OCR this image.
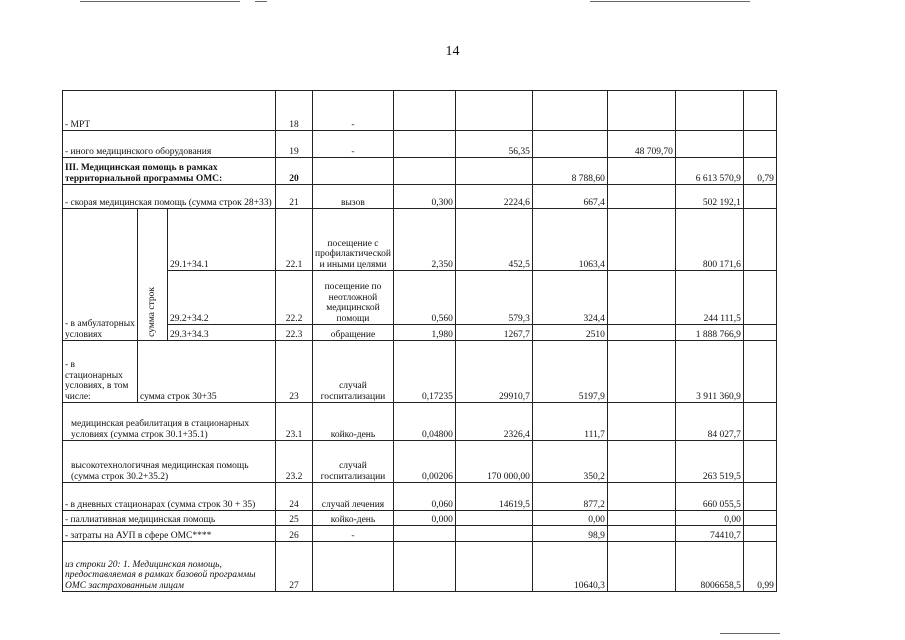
14
- МРТ			18	-						
- иного медицинского оборудования			19	-		56,35		48 709,70		
III. Медицинская помощь в рамках территориальной программы ОМС:			20				8 788,60		6 613 570,9	0,79
- скорая медицинская помощь (сумма строк 28+33)			21	вызов	0,300	2224,6	667,4		502 192,1	
- в амбулаторных условиях	сумма строк	29.1+34.1	22.1	посещение с профилактической и иными целями	2,350	452,5	1063,4		800 171,6	
		29.2+34.2	22.2	посещение по неотложной медицинской помощи	0,560	579,3	324,4		244 111,5	
		29.3+34.3	22.3	обращение	1,980	1267,7	2510		1 888 766,9	
- в стационарных условиях, в том числе:	сумма строк 30+35		23	случай госпитализации	0,17235	29910,7	5197,9		3 911 360,9	
медицинская реабилитация в стационарных условиях (сумма строк 30.1+35.1)			23.1	койко-день	0,04800	2326,4	111,7		84 027,7	
высокотехнологичная медицинская помощь (сумма строк 30.2+35.2)			23.2	случай госпитализации	0,00206	170 000,00	350,2		263 519,5	
- в дневных стационарах (сумма строк 30 + 35)			24	случай лечения	0,060	14619,5	877,2		660 055,5	
- паллиативная медицинская помощь			25	койко-день	0,000		0,00		0,00	
- затраты на АУП в сфере ОМС****			26	-			98,9		74410,7	
из строки 20: 1. Медицинская помощь, предоставляемая в рамках базовой программы ОМС застрахованным лицам			27				10640,3		8006658,5	0,99
